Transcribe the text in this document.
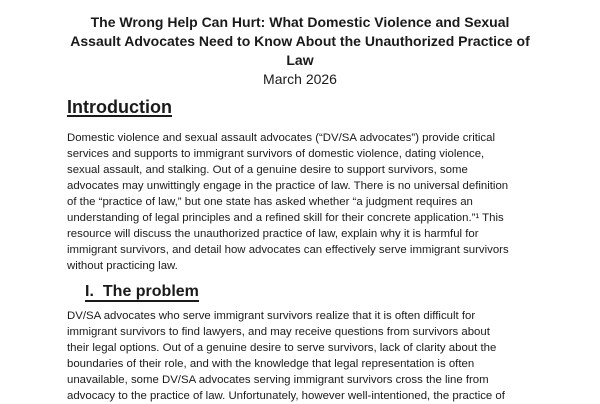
The Wrong Help Can Hurt: What Domestic Violence and Sexual
Assault Advocates Need to Know About the Unauthorized Practice of
Law
March 2026
Introduction
Domestic violence and sexual assault advocates (“DV/SA advocates”) provide critical
services and supports to immigrant survivors of domestic violence, dating violence,
sexual assault, and stalking. Out of a genuine desire to support survivors, some
advocates may unwittingly engage in the practice of law. There is no universal definition
of the “practice of law,” but one state has asked whether “a judgment requires an
understanding of legal principles and a refined skill for their concrete application.”¹ This
resource will discuss the unauthorized practice of law, explain why it is harmful for
immigrant survivors, and detail how advocates can effectively serve immigrant survivors
without practicing law.
I. The problem
DV/SA advocates who serve immigrant survivors realize that it is often difficult for
immigrant survivors to find lawyers, and may receive questions from survivors about
their legal options. Out of a genuine desire to serve survivors, lack of clarity about the
boundaries of their role, and with the knowledge that legal representation is often
unavailable, some DV/SA advocates serving immigrant survivors cross the line from
advocacy to the practice of law. Unfortunately, however well-intentioned, the practice of
